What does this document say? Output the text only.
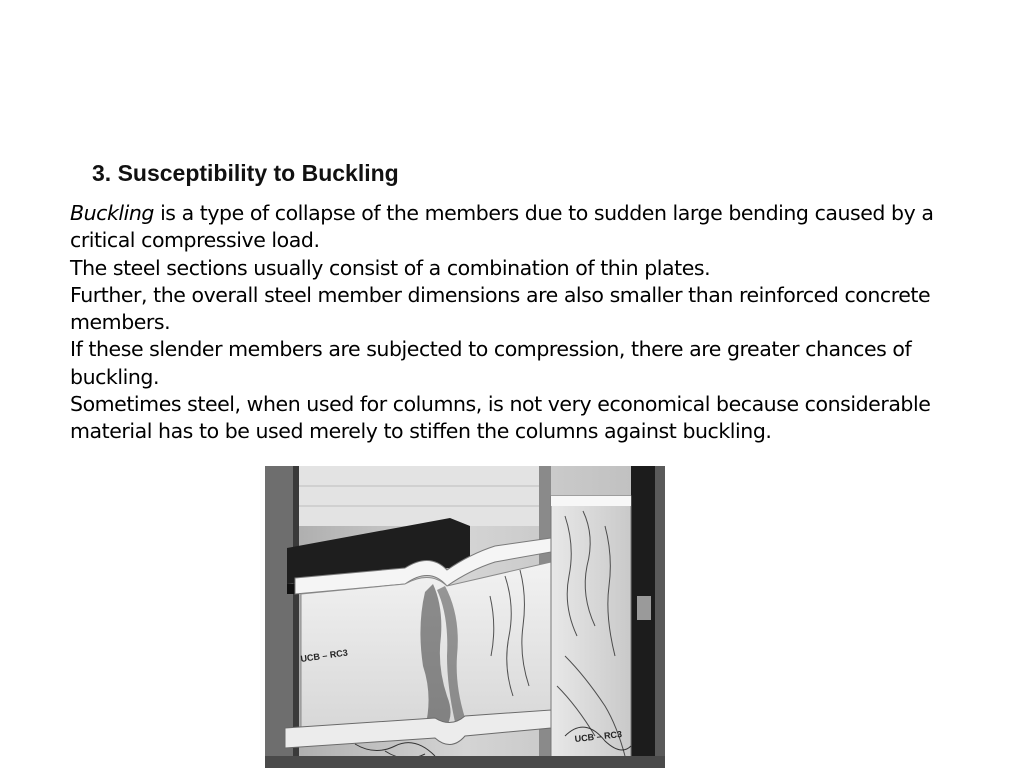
3. Susceptibility to Buckling

Buckling is a type of collapse of the members due to sudden large bending caused by a critical compressive load.

The steel sections usually consist of a combination of thin plates.

Further, the overall steel member dimensions are also smaller than reinforced concrete members.

If these slender members are subjected to compression, there are greater chances of buckling.

Sometimes steel, when used for columns, is not very economical because considerable material has to be used merely to stiffen the columns against buckling.

UCB – RC3
UCB – RC3
